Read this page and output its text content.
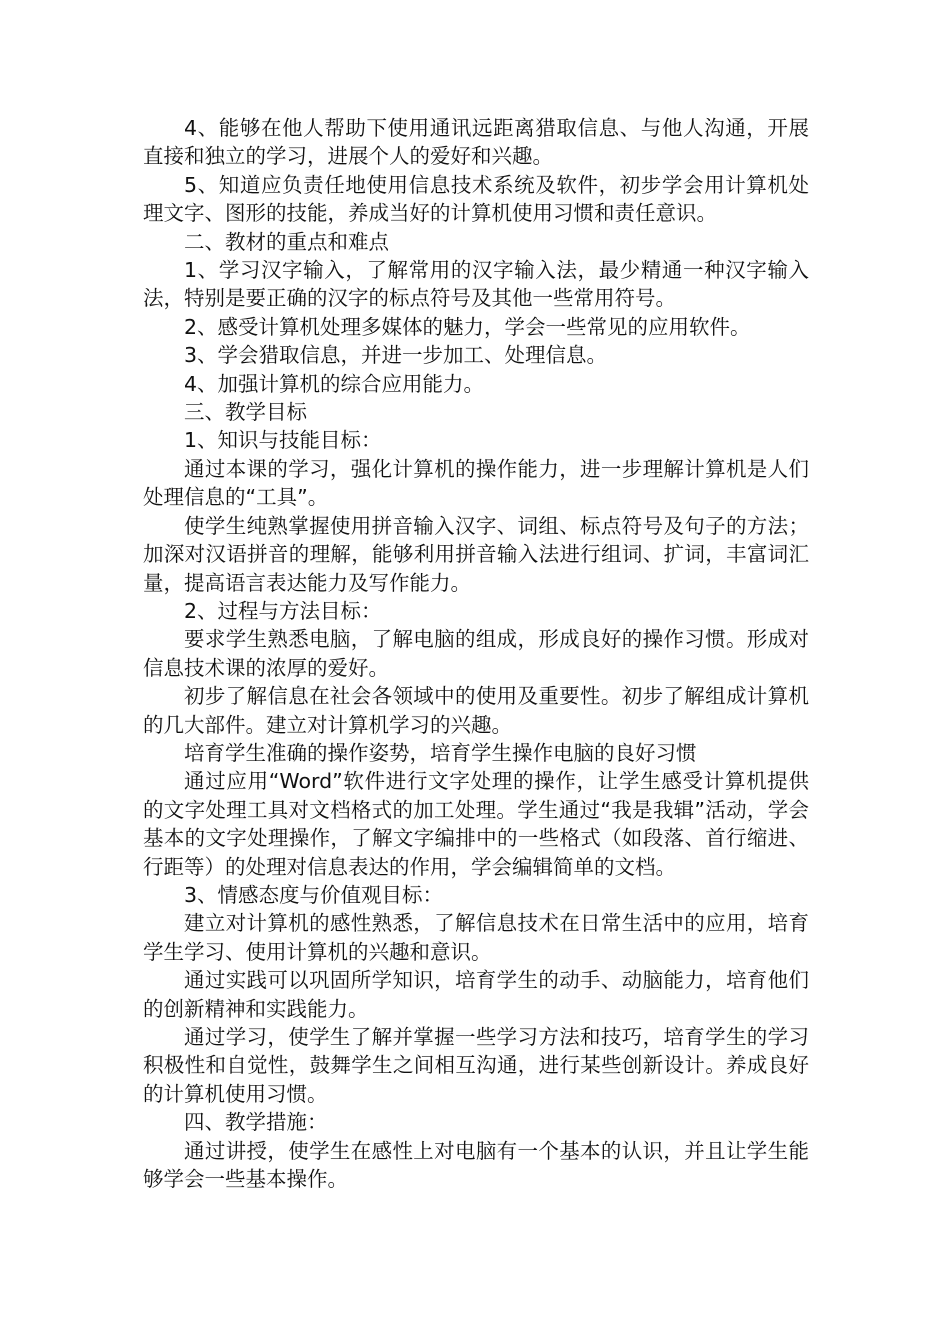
4、能够在他人帮助下使用通讯远距离猎取信息、与他人沟通，开展直接和独立的学习，进展个人的爱好和兴趣。

5、知道应负责任地使用信息技术系统及软件，初步学会用计算机处理文字、图形的技能，养成当好的计算机使用习惯和责任意识。

二、教材的重点和难点

1、学习汉字输入，了解常用的汉字输入法，最少精通一种汉字输入法，特别是要正确的汉字的标点符号及其他一些常用符号。

2、感受计算机处理多媒体的魅力，学会一些常见的应用软件。

3、学会猎取信息，并进一步加工、处理信息。

4、加强计算机的综合应用能力。

三、教学目标

1、知识与技能目标：

通过本课的学习，强化计算机的操作能力，进一步理解计算机是人们处理信息的“工具”。

使学生纯熟掌握使用拼音输入汉字、词组、标点符号及句子的方法；加深对汉语拼音的理解，能够利用拼音输入法进行组词、扩词，丰富词汇量，提高语言表达能力及写作能力。

2、过程与方法目标：

要求学生熟悉电脑，了解电脑的组成，形成良好的操作习惯。形成对信息技术课的浓厚的爱好。

初步了解信息在社会各领域中的使用及重要性。初步了解组成计算机的几大部件。建立对计算机学习的兴趣。

培育学生准确的操作姿势，培育学生操作电脑的良好习惯

通过应用“Word”软件进行文字处理的操作，让学生感受计算机提供的文字处理工具对文档格式的加工处理。学生通过“我是我辑”活动，学会基本的文字处理操作，了解文字编排中的一些格式（如段落、首行缩进、行距等）的处理对信息表达的作用，学会编辑简单的文档。

3、情感态度与价值观目标：

建立对计算机的感性熟悉，了解信息技术在日常生活中的应用，培育学生学习、使用计算机的兴趣和意识。

通过实践可以巩固所学知识，培育学生的动手、动脑能力，培育他们的创新精神和实践能力。

通过学习，使学生了解并掌握一些学习方法和技巧，培育学生的学习积极性和自觉性，鼓舞学生之间相互沟通，进行某些创新设计。养成良好的计算机使用习惯。

四、教学措施：

通过讲授，使学生在感性上对电脑有一个基本的认识，并且让学生能够学会一些基本操作。
